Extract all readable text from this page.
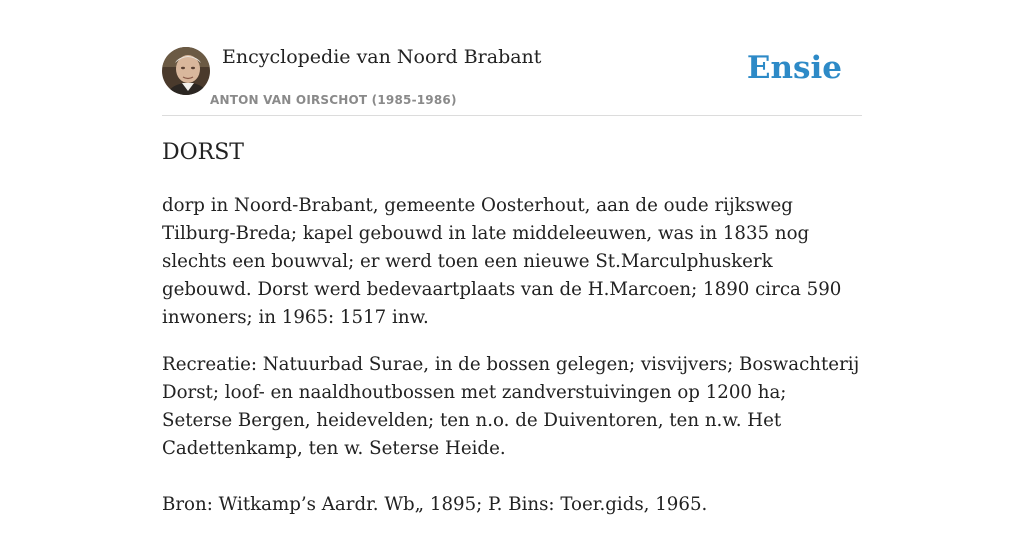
Encyclopedie van Noord Brabant
ANTON VAN OIRSCHOT (1985-1986)
Ensie
DORST

dorp in Noord-Brabant, gemeente Oosterhout, aan de oude rijksweg Tilburg-Breda; kapel gebouwd in late middeleeuwen, was in 1835 nog slechts een bouwval; er werd toen een nieuwe St.Marculphuskerk gebouwd. Dorst werd bedevaartplaats van de H.Marcoen; 1890 circa 590 inwoners; in 1965: 1517 inw.

Recreatie: Natuurbad Surae, in de bossen gelegen; visvijvers; Boswachterij Dorst; loof- en naaldhoutbossen met zandverstuivingen op 1200 ha; Seterse Bergen, heidevelden; ten n.o. de Duiventoren, ten n.w. Het Cadettenkamp, ten w. Seterse Heide.

Bron: Witkamp’s Aardr. Wb„ 1895; P. Bins: Toer.gids, 1965.
